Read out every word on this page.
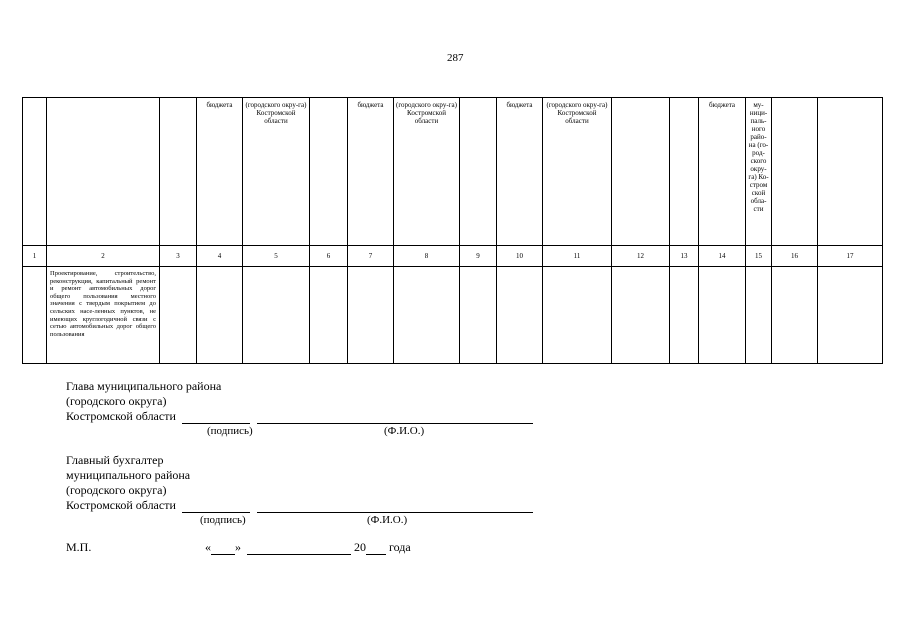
287

			бюджета	(городского окру-га) Костромской области		бюджета	(городского окру-га) Костромской области		бюджета	(городского окру-га) Костромской области			бюджета	му-ници-паль-ного райо-на (го-род-ского окру-га) Ко-стром ской обла-сти		

1	2	3	4	5	6	7	8	9	10	11	12	13	14	15	16	17

	Проектирование, строительство, реконструкция, капитальный ремонт и ремонт автомобильных дорог общего пользования местного значения с твердым покрытием до сельских насе-ленных пунктов, не имеющих круглогодичной связи с сетью автомобильных дорог общего пользования															

Глава муниципального района
(городского округа)
Костромской области
(подпись)	(Ф.И.О.)
Главный бухгалтер
муниципального района
(городского округа)
Костромской области
(подпись)	(Ф.И.О.)
М.П.	« »	20 года
